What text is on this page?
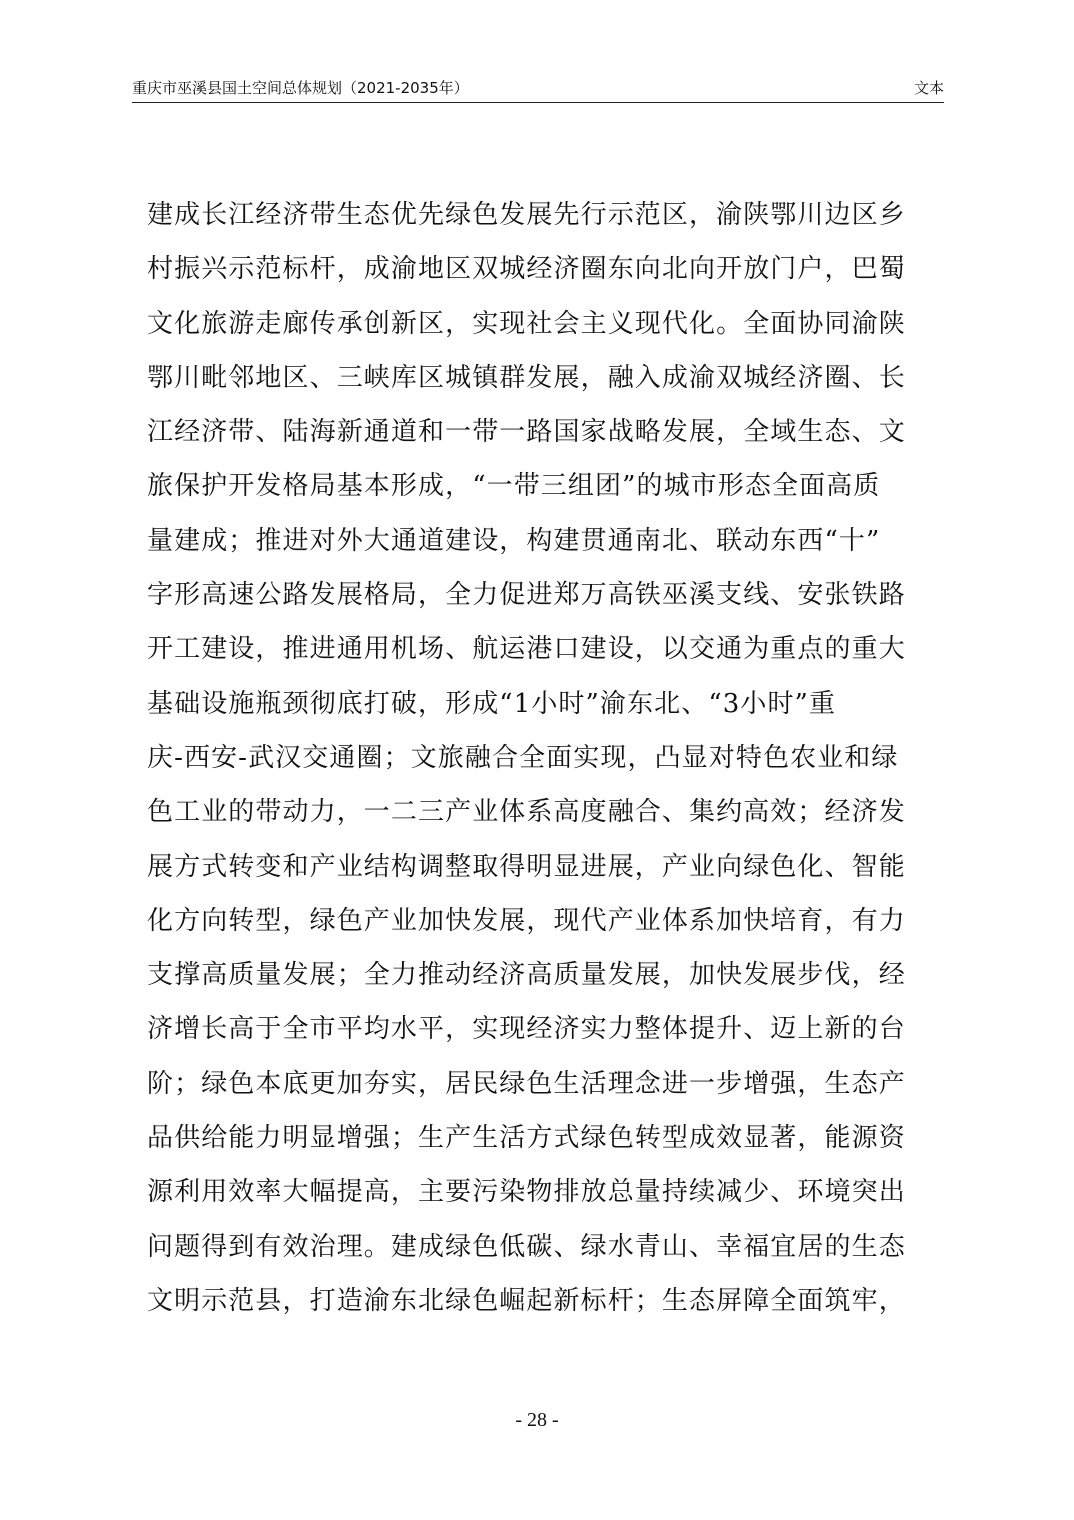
重庆市巫溪县国土空间总体规划（2021-2035年）	文本
建成长江经济带生态优先绿色发展先行示范区，渝陕鄂川边区乡
村振兴示范标杆，成渝地区双城经济圈东向北向开放门户，巴蜀
文化旅游走廊传承创新区，实现社会主义现代化。全面协同渝陕
鄂川毗邻地区、三峡库区城镇群发展，融入成渝双城经济圈、长
江经济带、陆海新通道和一带一路国家战略发展，全域生态、文
旅保护开发格局基本形成，“一带三组团”的城市形态全面高质
量建成；推进对外大通道建设，构建贯通南北、联动东西“十”
字形高速公路发展格局，全力促进郑万高铁巫溪支线、安张铁路
开工建设，推进通用机场、航运港口建设，以交通为重点的重大
基础设施瓶颈彻底打破，形成“1小时”渝东北、“3小时”重
庆-西安-武汉交通圈；文旅融合全面实现，凸显对特色农业和绿
色工业的带动力，一二三产业体系高度融合、集约高效；经济发
展方式转变和产业结构调整取得明显进展，产业向绿色化、智能
化方向转型，绿色产业加快发展，现代产业体系加快培育，有力
支撑高质量发展；全力推动经济高质量发展，加快发展步伐，经
济增长高于全市平均水平，实现经济实力整体提升、迈上新的台
阶；绿色本底更加夯实，居民绿色生活理念进一步增强，生态产
品供给能力明显增强；生产生活方式绿色转型成效显著，能源资
源利用效率大幅提高，主要污染物排放总量持续减少、环境突出
问题得到有效治理。建成绿色低碳、绿水青山、幸福宜居的生态
文明示范县，打造渝东北绿色崛起新标杆；生态屏障全面筑牢，
- 28 -
